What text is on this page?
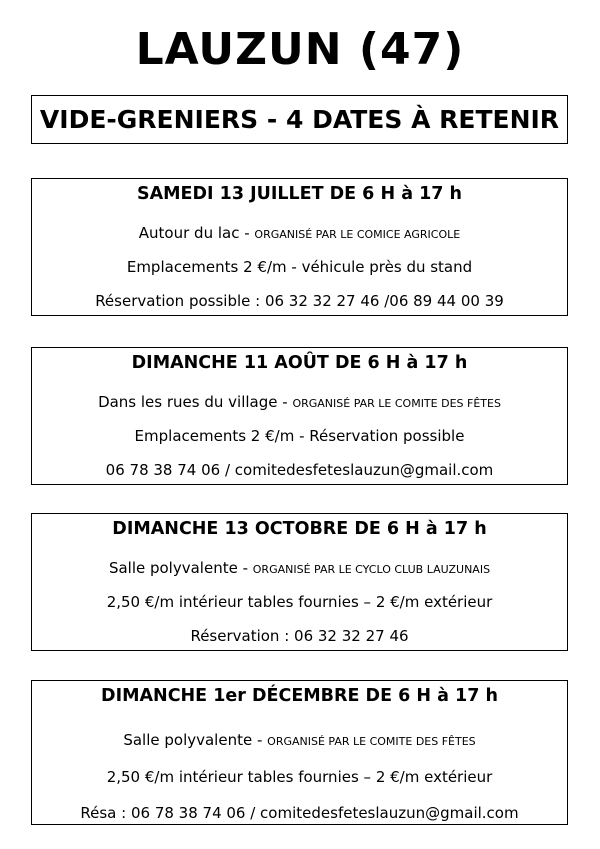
LAUZUN (47)
VIDE-GRENIERS - 4 DATES À RETENIR
SAMEDI 13 JUILLET DE 6 H à 17 h
Autour du lac - ORGANISÉ PAR LE COMICE AGRICOLE
Emplacements 2 €/m - véhicule près du stand
Réservation possible : 06 32 32 27 46 /06 89 44 00 39
DIMANCHE 11 AOÛT DE 6 H à 17 h
Dans les rues du village - ORGANISÉ PAR LE COMITE DES FÊTES
Emplacements 2 €/m - Réservation possible
06 78 38 74 06 / comitedesfeteslauzun@gmail.com
DIMANCHE 13 OCTOBRE DE 6 H à 17 h
Salle polyvalente - ORGANISÉ PAR LE CYCLO CLUB LAUZUNAIS
2,50 €/m intérieur tables fournies – 2 €/m extérieur
Réservation : 06 32 32 27 46
DIMANCHE 1er DÉCEMBRE DE 6 H à 17 h
Salle polyvalente - ORGANISÉ PAR LE COMITE DES FÊTES
2,50 €/m intérieur tables fournies – 2 €/m extérieur
Résa : 06 78 38 74 06 / comitedesfeteslauzun@gmail.com
